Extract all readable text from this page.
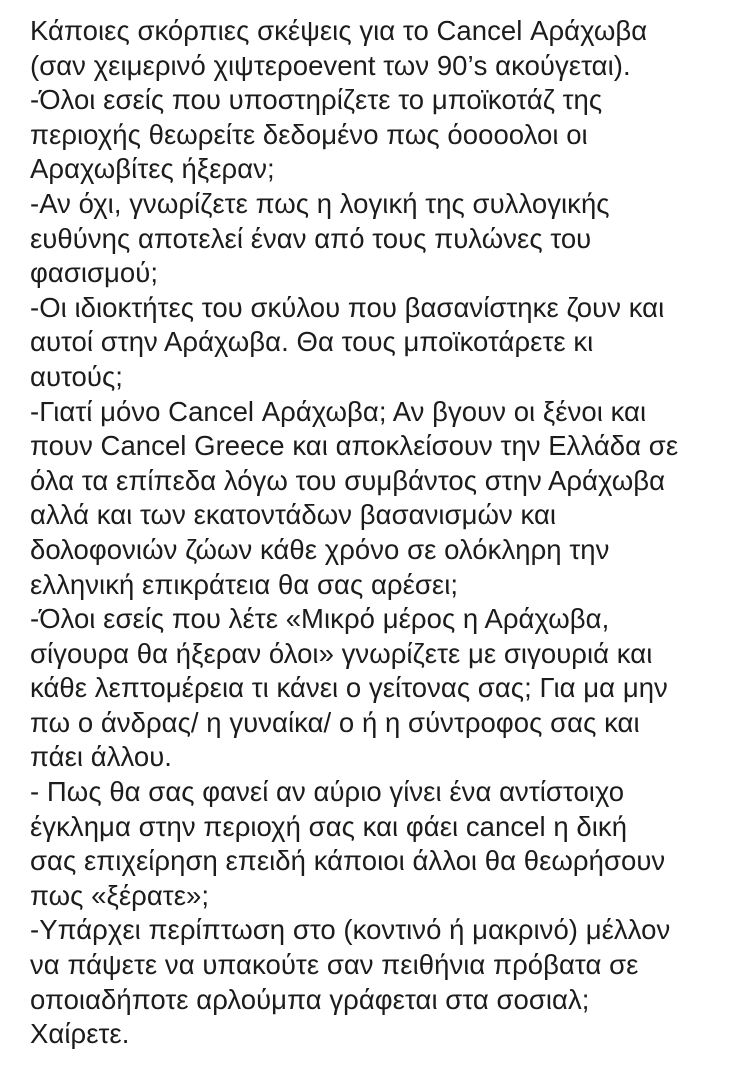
Κάποιες σκόρπιες σκέψεις για το Cancel Αράχωβα
(σαν χειμερινό χιψτεροevent των 90’s ακούγεται).
-Όλοι εσείς που υποστηρίζετε το μποϊκοτάζ της
περιοχής θεωρείτε δεδομένο πως όοοοολοι οι
Αραχωβίτες ήξεραν;
-Αν όχι, γνωρίζετε πως η λογική της συλλογικής
ευθύνης αποτελεί έναν από τους πυλώνες του
φασισμού;
-Οι ιδιοκτήτες του σκύλου που βασανίστηκε ζουν και
αυτοί στην Αράχωβα. Θα τους μποϊκοτάρετε κι
αυτούς;
-Γιατί μόνο Cancel Αράχωβα; Αν βγουν οι ξένοι και
πουν Cancel Greece και αποκλείσουν την Ελλάδα σε
όλα τα επίπεδα λόγω του συμβάντος στην Αράχωβα
αλλά και των εκατοντάδων βασανισμών και
δολοφονιών ζώων κάθε χρόνο σε ολόκληρη την
ελληνική επικράτεια θα σας αρέσει;
-Όλοι εσείς που λέτε «Μικρό μέρος η Αράχωβα,
σίγουρα θα ήξεραν όλοι» γνωρίζετε με σιγουριά και
κάθε λεπτομέρεια τι κάνει ο γείτονας σας; Για μα μην
πω ο άνδρας/ η γυναίκα/ ο ή η σύντροφος σας και
πάει άλλου.
- Πως θα σας φανεί αν αύριο γίνει ένα αντίστοιχο
έγκλημα στην περιοχή σας και φάει cancel η δική
σας επιχείρηση επειδή κάποιοι άλλοι θα θεωρήσουν
πως «ξέρατε»;
-Υπάρχει περίπτωση στο (κοντινό ή μακρινό) μέλλον
να πάψετε να υπακούτε σαν πειθήνια πρόβατα σε
οποιαδήποτε αρλούμπα γράφεται στα σοσιαλ;
Χαίρετε.
